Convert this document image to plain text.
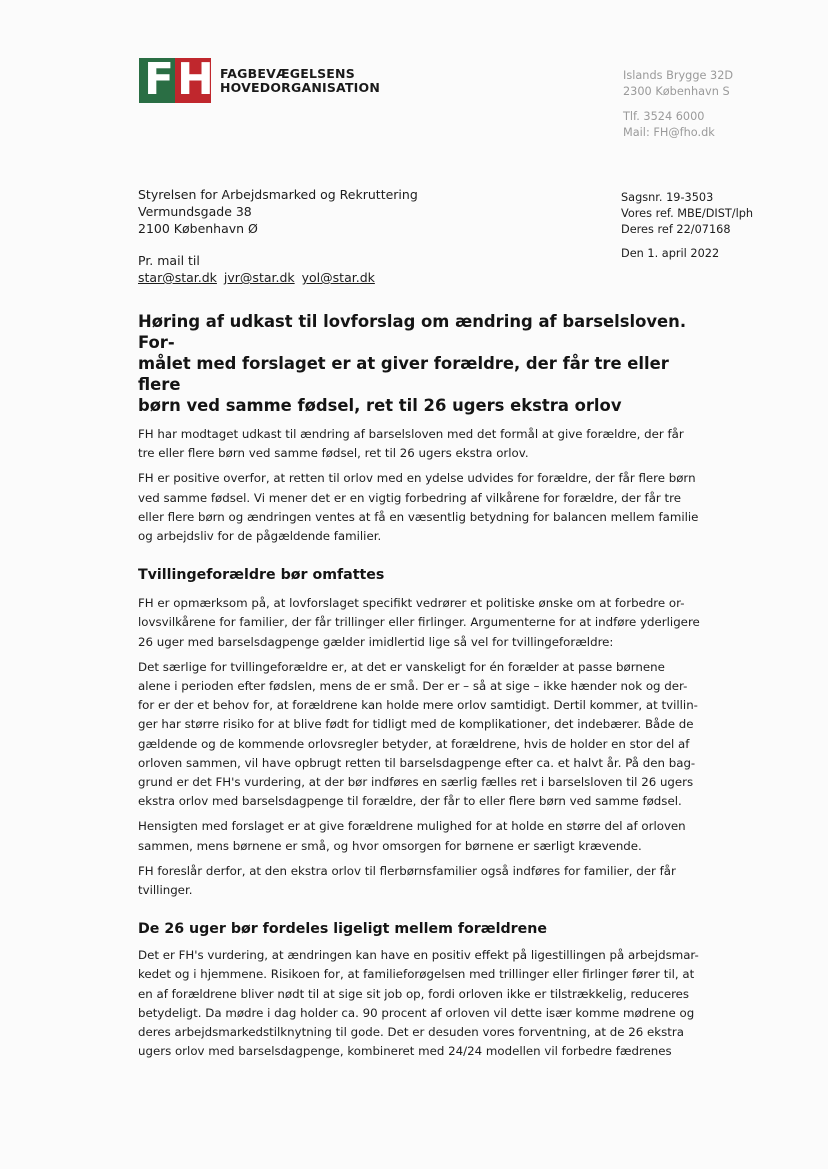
F H FAGBEVÆGELSENS
HOVEDORGANISATION
Islands Brygge 32D
2300 København S
Tlf. 3524 6000
Mail: FH@fho.dk
Styrelsen for Arbejdsmarked og Rekruttering
Vermundsgade 38
2100 København Ø
Pr. mail til
star@star.dk jvr@star.dk yol@star.dk
Sagsnr. 19-3503
Vores ref. MBE/DIST/lph
Deres ref 22/07168
Den 1. april 2022
Høring af udkast til lovforslag om ændring af barselsloven. For-
målet med forslaget er at giver forældre, der får tre eller flere
børn ved samme fødsel, ret til 26 ugers ekstra orlov

FH har modtaget udkast til ændring af barselsloven med det formål at give forældre, der får
tre eller flere børn ved samme fødsel, ret til 26 ugers ekstra orlov.

FH er positive overfor, at retten til orlov med en ydelse udvides for forældre, der får flere børn
ved samme fødsel. Vi mener det er en vigtig forbedring af vilkårene for forældre, der får tre
eller flere børn og ændringen ventes at få en væsentlig betydning for balancen mellem familie
og arbejdsliv for de pågældende familier.

Tvillingeforældre bør omfattes

FH er opmærksom på, at lovforslaget specifikt vedrører et politiske ønske om at forbedre or-
lovsvilkårene for familier, der får trillinger eller firlinger. Argumenterne for at indføre yderligere
26 uger med barselsdagpenge gælder imidlertid lige så vel for tvillingeforældre:

Det særlige for tvillingeforældre er, at det er vanskeligt for én forælder at passe børnene
alene i perioden efter fødslen, mens de er små. Der er – så at sige – ikke hænder nok og der-
for er der et behov for, at forældrene kan holde mere orlov samtidigt. Dertil kommer, at tvillin-
ger har større risiko for at blive født for tidligt med de komplikationer, det indebærer. Både de
gældende og de kommende orlovsregler betyder, at forældrene, hvis de holder en stor del af
orloven sammen, vil have opbrugt retten til barselsdagpenge efter ca. et halvt år. På den bag-
grund er det FH's vurdering, at der bør indføres en særlig fælles ret i barselsloven til 26 ugers
ekstra orlov med barselsdagpenge til forældre, der får to eller flere børn ved samme fødsel.

Hensigten med forslaget er at give forældrene mulighed for at holde en større del af orloven
sammen, mens børnene er små, og hvor omsorgen for børnene er særligt krævende.

FH foreslår derfor, at den ekstra orlov til flerbørnsfamilier også indføres for familier, der får
tvillinger.

De 26 uger bør fordeles ligeligt mellem forældrene

Det er FH's vurdering, at ændringen kan have en positiv effekt på ligestillingen på arbejdsmar-
kedet og i hjemmene. Risikoen for, at familieforøgelsen med trillinger eller firlinger fører til, at
en af forældrene bliver nødt til at sige sit job op, fordi orloven ikke er tilstrækkelig, reduceres
betydeligt. Da mødre i dag holder ca. 90 procent af orloven vil dette især komme mødrene og
deres arbejdsmarkedstilknytning til gode. Det er desuden vores forventning, at de 26 ekstra
ugers orlov med barselsdagpenge, kombineret med 24/24 modellen vil forbedre fædrenes
